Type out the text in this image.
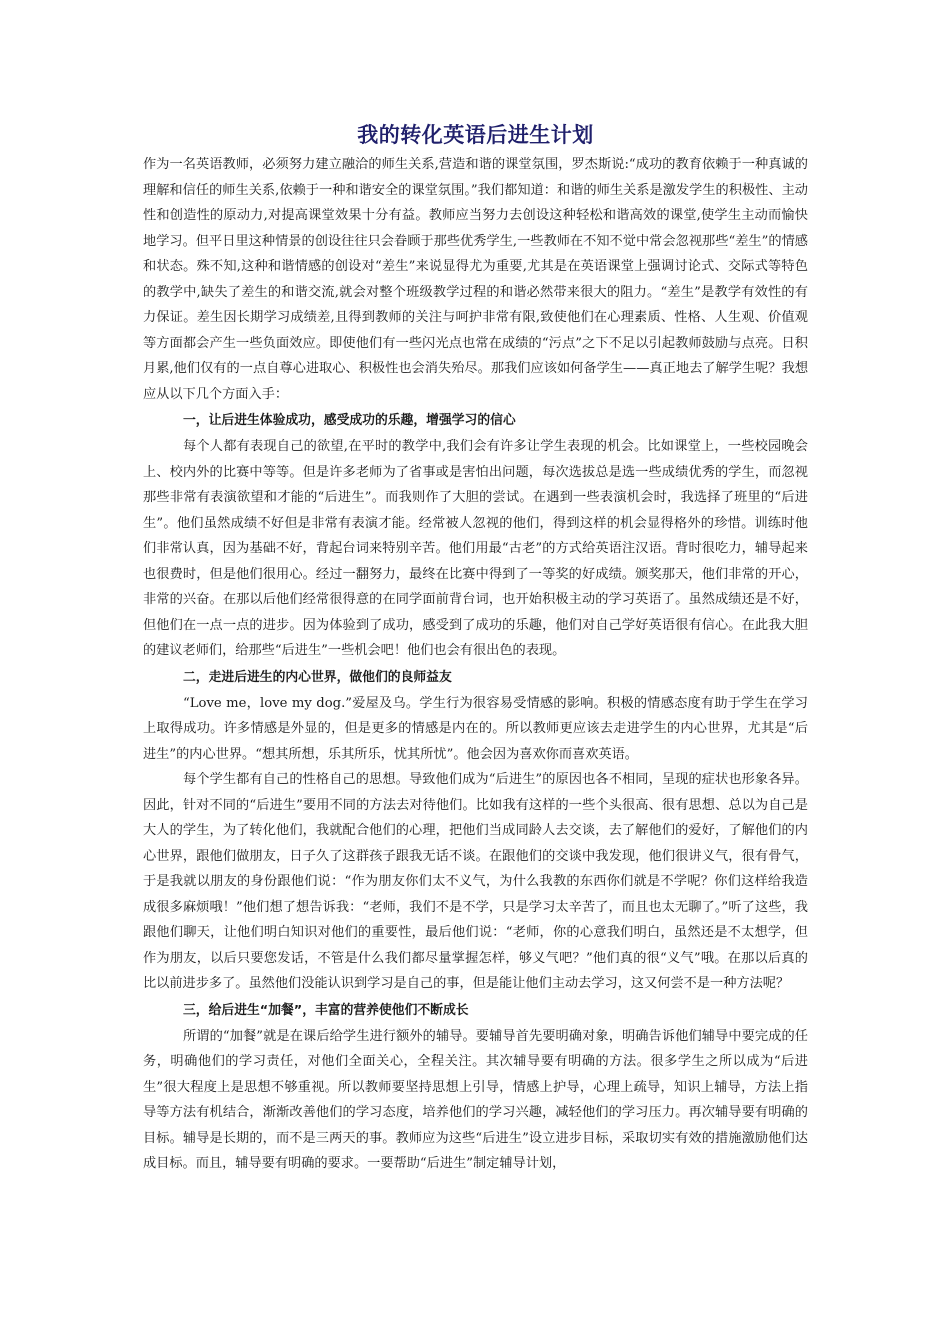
我的转化英语后进生计划

作为一名英语教师，必须努力建立融洽的师生关系,营造和谐的课堂氛围，罗杰斯说:“成功的教育依赖于一种真诚的理解和信任的师生关系,依赖于一种和谐安全的课堂氛围。”我们都知道：和谐的师生关系是激发学生的积极性、主动性和创造性的原动力,对提高课堂效果十分有益。教师应当努力去创设这种轻松和谐高效的课堂,使学生主动而愉快地学习。但平日里这种情景的创设往往只会眷顾于那些优秀学生,一些教师在不知不觉中常会忽视那些“差生”的情感和状态。殊不知,这种和谐情感的创设对“差生”来说显得尤为重要,尤其是在英语课堂上强调讨论式、交际式等特色的教学中,缺失了差生的和谐交流,就会对整个班级教学过程的和谐必然带来很大的阻力。“差生”是教学有效性的有力保证。差生因长期学习成绩差,且得到教师的关注与呵护非常有限,致使他们在心理素质、性格、人生观、价值观等方面都会产生一些负面效应。即使他们有一些闪光点也常在成绩的“污点”之下不足以引起教师鼓励与点亮。日积月累,他们仅有的一点自尊心进取心、积极性也会消失殆尽。那我们应该如何备学生——真正地去了解学生呢？我想应从以下几个方面入手：

一，让后进生体验成功，感受成功的乐趣，增强学习的信心

每个人都有表现自己的欲望,在平时的教学中,我们会有许多让学生表现的机会。比如课堂上，一些校园晚会上、校内外的比赛中等等。但是许多老师为了省事或是害怕出问题，每次选拔总是选一些成绩优秀的学生，而忽视那些非常有表演欲望和才能的“后进生”。而我则作了大胆的尝试。在遇到一些表演机会时，我选择了班里的“后进生”。他们虽然成绩不好但是非常有表演才能。经常被人忽视的他们，得到这样的机会显得格外的珍惜。训练时他们非常认真，因为基础不好，背起台词来特别辛苦。他们用最“古老”的方式给英语注汉语。背时很吃力，辅导起来也很费时，但是他们很用心。经过一翻努力，最终在比赛中得到了一等奖的好成绩。颁奖那天，他们非常的开心，非常的兴奋。在那以后他们经常很得意的在同学面前背台词，也开始积极主动的学习英语了。虽然成绩还是不好，但他们在一点一点的进步。因为体验到了成功，感受到了成功的乐趣，他们对自己学好英语很有信心。在此我大胆的建议老师们，给那些“后进生”一些机会吧！他们也会有很出色的表现。

二，走进后进生的内心世界，做他们的良师益友

“Love me，love my dog.”爱屋及乌。学生行为很容易受情感的影响。积极的情感态度有助于学生在学习上取得成功。许多情感是外显的，但是更多的情感是内在的。所以教师更应该去走进学生的内心世界，尤其是“后进生”的内心世界。“想其所想，乐其所乐，忧其所忧”。他会因为喜欢你而喜欢英语。

每个学生都有自己的性格自己的思想。导致他们成为“后进生”的原因也各不相同，呈现的症状也形象各异。因此，针对不同的“后进生”要用不同的方法去对待他们。比如我有这样的一些个头很高、很有思想、总以为自己是大人的学生，为了转化他们，我就配合他们的心理，把他们当成同龄人去交谈，去了解他们的爱好，了解他们的内心世界，跟他们做朋友，日子久了这群孩子跟我无话不谈。在跟他们的交谈中我发现，他们很讲义气，很有骨气，于是我就以朋友的身份跟他们说：“作为朋友你们太不义气，为什么我教的东西你们就是不学呢？你们这样给我造成很多麻烦哦！”他们想了想告诉我：“老师，我们不是不学，只是学习太辛苦了，而且也太无聊了。”听了这些，我跟他们聊天，让他们明白知识对他们的重要性，最后他们说：“老师，你的心意我们明白，虽然还是不太想学，但作为朋友，以后只要您发话，不管是什么我们都尽量掌握怎样，够义气吧？”他们真的很“义气”哦。在那以后真的比以前进步多了。虽然他们没能认识到学习是自己的事，但是能让他们主动去学习，这又何尝不是一种方法呢？

三，给后进生“加餐”，丰富的营养使他们不断成长

所谓的“加餐”就是在课后给学生进行额外的辅导。要辅导首先要明确对象，明确告诉他们辅导中要完成的任务，明确他们的学习责任，对他们全面关心，全程关注。其次辅导要有明确的方法。很多学生之所以成为“后进生”很大程度上是思想不够重视。所以教师要坚持思想上引导，情感上护导，心理上疏导，知识上辅导，方法上指导等方法有机结合，渐渐改善他们的学习态度，培养他们的学习兴趣，减轻他们的学习压力。再次辅导要有明确的目标。辅导是长期的，而不是三两天的事。教师应为这些“后进生”设立进步目标，采取切实有效的措施激励他们达成目标。而且，辅导要有明确的要求。一要帮助“后进生”制定辅导计划，
